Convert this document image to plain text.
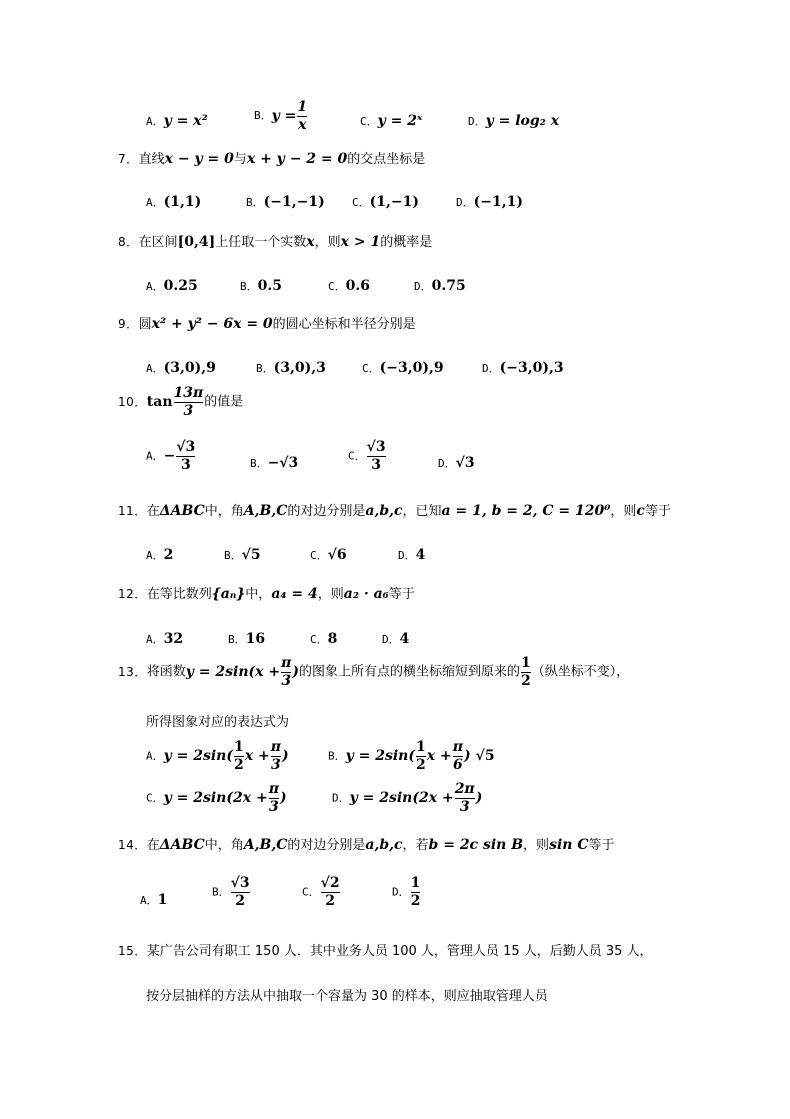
A．y = x²	B．$y = \frac{1}{x}$	C．y = 2ˣ	D．y = log₂ x
7．直线x − y = 0与x + y − 2 = 0的交点坐标是
A．(1,1)	B．(−1,−1) C．(1,−1)	D．(−1,1)
8．在区间[0,4]上任取一个实数x，则x > 1的概率是
A．0.25	B．0.5	C．0.6	D．0.75
9．圆x² + y² − 6x = 0的圆心坐标和半径分别是
A．(3,0),9	B．(3,0),3	C．(−3,0),9	D．(−3,0),3
10．$\tan \frac{13\pi}{3}$ 的值是
A．− $\frac{√3}{3}$	B．−√3	C． $\frac{√3}{3}$	D．√3
11．在ΔABC中，角A,B,C的对边分别是a,b,c，已知a = 1, b = 2, C = 120⁰，则c等于
A．2	B．√5	C．√6	D．4
12．在等比数列{aₙ}中，a₄ = 4，则a₂ · a₆等于
A．32	B．16	C．8	D．4
13．将函数$y = 2\sin(x + \frac{\pi}{3}$ )的图象上所有点的横坐标缩短到原来的 $\frac{1}{2}$ （纵坐标不变），
所得图象对应的表达式为
A．$y = 2\sin( \frac{1}{2}$ $x + \frac{\pi}{3}$ )	B．$y = 2\sin( \frac{1}{2}$ $x + \frac{\pi}{6}$ ) √5
C．$y = 2\sin(2x + \frac{\pi}{3}$ )	D．$y = 2\sin(2x + \frac{2\pi}{3}$ )
14．在ΔABC中，角A,B,C的对边分别是a,b,c，若b = 2c sin B，则sin C等于
A．1	B． $\frac{√3}{2}$	C． $\frac{√2}{2}$	D． $\frac{1}{2}$
15．某广告公司有职工 150 人．其中业务人员 100 人，管理人员 15 人，后勤人员 35 人，
按分层抽样的方法从中抽取一个容量为 30 的样本，则应抽取管理人员
